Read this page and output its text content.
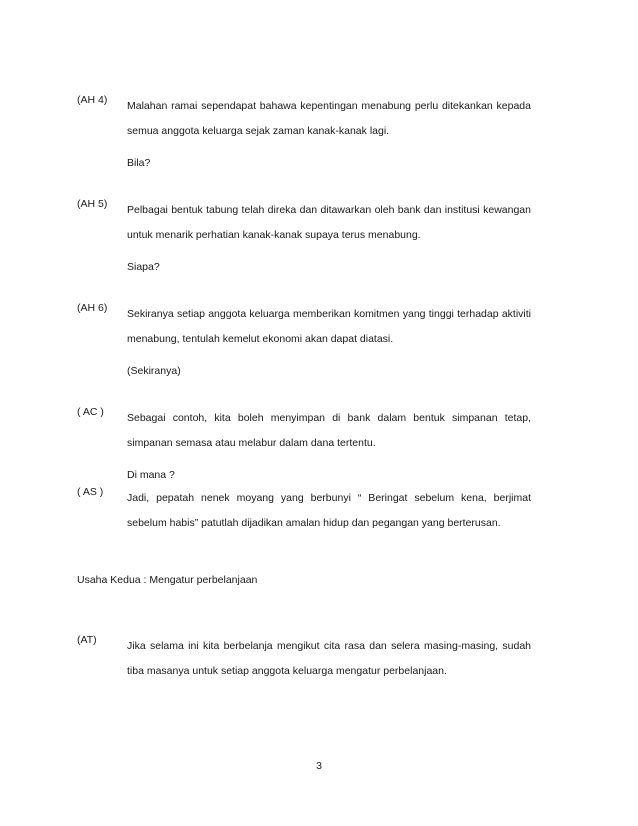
(AH 4) Malahan ramai sependapat bahawa kepentingan menabung perlu ditekankan kepada semua anggota keluarga sejak zaman kanak-kanak lagi.

Bila?

(AH 5) Pelbagai bentuk tabung telah direka dan ditawarkan oleh bank dan institusi kewangan untuk menarik perhatian kanak-kanak supaya terus menabung.

Siapa?

(AH 6) Sekiranya setiap anggota keluarga memberikan komitmen yang tinggi terhadap aktiviti menabung, tentulah kemelut ekonomi akan dapat diatasi.

(Sekiranya)

( AC ) Sebagai contoh, kita boleh menyimpan di bank dalam bentuk simpanan tetap, simpanan semasa atau melabur dalam dana tertentu.

Di mana ?

( AS ) Jadi, pepatah nenek moyang yang berbunyi “ Beringat sebelum kena, berjimat sebelum habis” patutlah dijadikan amalan hidup dan pegangan yang berterusan.

Usaha Kedua : Mengatur perbelanjaan
(AT)	Jika selama ini kita berbelanja mengikut cita rasa dan selera masing-masing, sudah tiba masanya untuk setiap anggota keluarga mengatur perbelanjaan.

3
